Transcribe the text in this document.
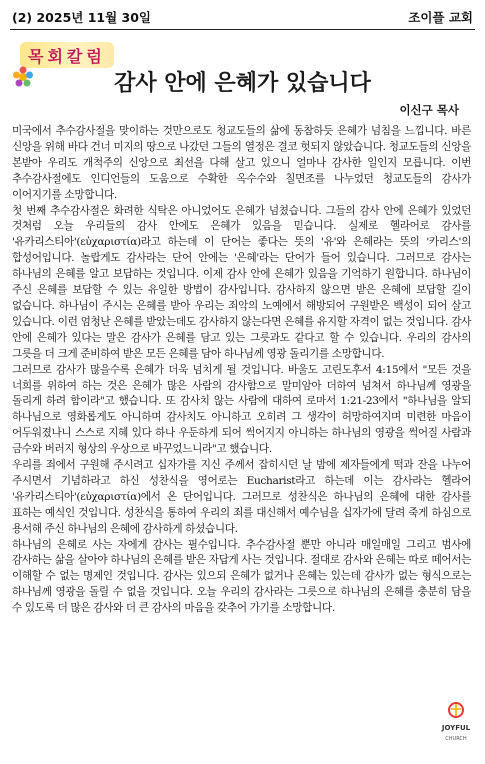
(2) 2025년 11월 30일	조이플 교회
목회칼럼
감사 안에 은혜가 있습니다
이신구 목사

미국에서 추수감사절을 맞이하는 것만으로도 청교도들의 삶에 동참하듯 은혜가 넘침을 느낍니다. 바른 신앙을 위해 바다 건너 미지의 땅으로 나갔던 그들의 열정은 결코 헛되지 않았습니다. 청교도들의 신앙을 본받아 우리도 개척주의 신앙으로 최선을 다해 살고 있으니 얼마나 감사한 일인지 모릅니다. 이번 추수감사절에도 인디언들의 도움으로 수확한 옥수수와 칠면조를 나누었던 청교도들의 감사가 이어지기를 소망합니다.

첫 번째 추수감사절은 화려한 식탁은 아니었어도 은혜가 넘쳤습니다. 그들의 감사 안에 은혜가 있었던 것처럼 오늘 우리들의 감사 안에도 은혜가 있음을 믿습니다. 실제로 헬라어로 감사를 '유카리스티아'(εὐχαριστία)라고 하는데 이 단어는 좋다는 뜻의 '유'와 은혜라는 뜻의 '카리스'의 합성어입니다. 놀랍게도 감사라는 단어 안에는 '은혜'라는 단어가 들어 있습니다. 그러므로 감사는 하나님의 은혜를 알고 보답하는 것입니다. 이제 감사 안에 은혜가 있음을 기억하기 원합니다. 하나님이 주신 은혜를 보답할 수 있는 유일한 방법이 감사입니다. 감사하지 않으면 받은 은혜에 보답할 길이 없습니다. 하나님이 주시는 은혜를 받아 우리는 죄악의 노예에서 해방되어 구원받은 백성이 되어 살고 있습니다. 이런 엄청난 은혜를 받았는데도 감사하지 않는다면 은혜를 유지할 자격이 없는 것입니다. 감사 안에 은혜가 있다는 말은 감사가 은혜를 담고 있는 그릇과도 같다고 할 수 있습니다. 우리의 감사의 그릇을 더 크게 준비하여 받은 모든 은혜를 담아 하나님께 영광 돌리기를 소망합니다.

그러므로 감사가 많을수록 은혜가 더욱 넘치게 될 것입니다. 바울도 고린도후서 4:15에서 "모든 것을 너희를 위하여 하는 것은 은혜가 많은 사람의 감사함으로 말미암아 더하여 넘쳐서 하나님께 영광을 돌리게 하려 함이라"고 했습니다. 또 감사치 않는 사람에 대하여 로마서 1:21-23에서 "하나님을 알되 하나님으로 영화롭게도 아니하며 감사치도 아니하고 오히려 그 생각이 허망하여지며 미련한 마음이 어두워졌나니 스스로 지혜 있다 하나 우둔하게 되어 썩어지지 아니하는 하나님의 영광을 썩어질 사람과 금수와 버러지 형상의 우상으로 바꾸었느니라"고 했습니다.

우리를 죄에서 구원해 주시려고 십자가를 지신 주께서 잡히시던 날 밤에 제자들에게 떡과 잔을 나누어 주시면서 기념하라고 하신 성찬식을 영어로는 Eucharist라고 하는데 이는 감사라는 헬라어 '유카리스티아'(εὐχαριστία)에서 온 단어입니다. 그러므로 성찬식은 하나님의 은혜에 대한 감사를 표하는 예식인 것입니다. 성찬식을 통하여 우리의 죄를 대신해서 예수님을 십자가에 달려 죽게 하심으로 용서해 주신 하나님의 은혜에 감사하게 하셨습니다.

하나님의 은혜로 사는 자에게 감사는 필수입니다. 추수감사절 뿐만 아니라 매일매일 그리고 범사에 감사하는 삶을 살아야 하나님의 은혜를 받은 자답게 사는 것입니다. 절대로 감사와 은혜는 따로 떼어서는 이해할 수 없는 명제인 것입니다. 감사는 있으되 은혜가 없거나 은혜는 있는데 감사가 없는 형식으로는 하나님께 영광을 돌릴 수 없을 것입니다. 오늘 우리의 감사라는 그릇으로 하나님의 은혜를 충분히 담을 수 있도록 더 많은 감사와 더 큰 감사의 마음을 갖추어 가기를 소망합니다.

JOYFUL
CHURCH
